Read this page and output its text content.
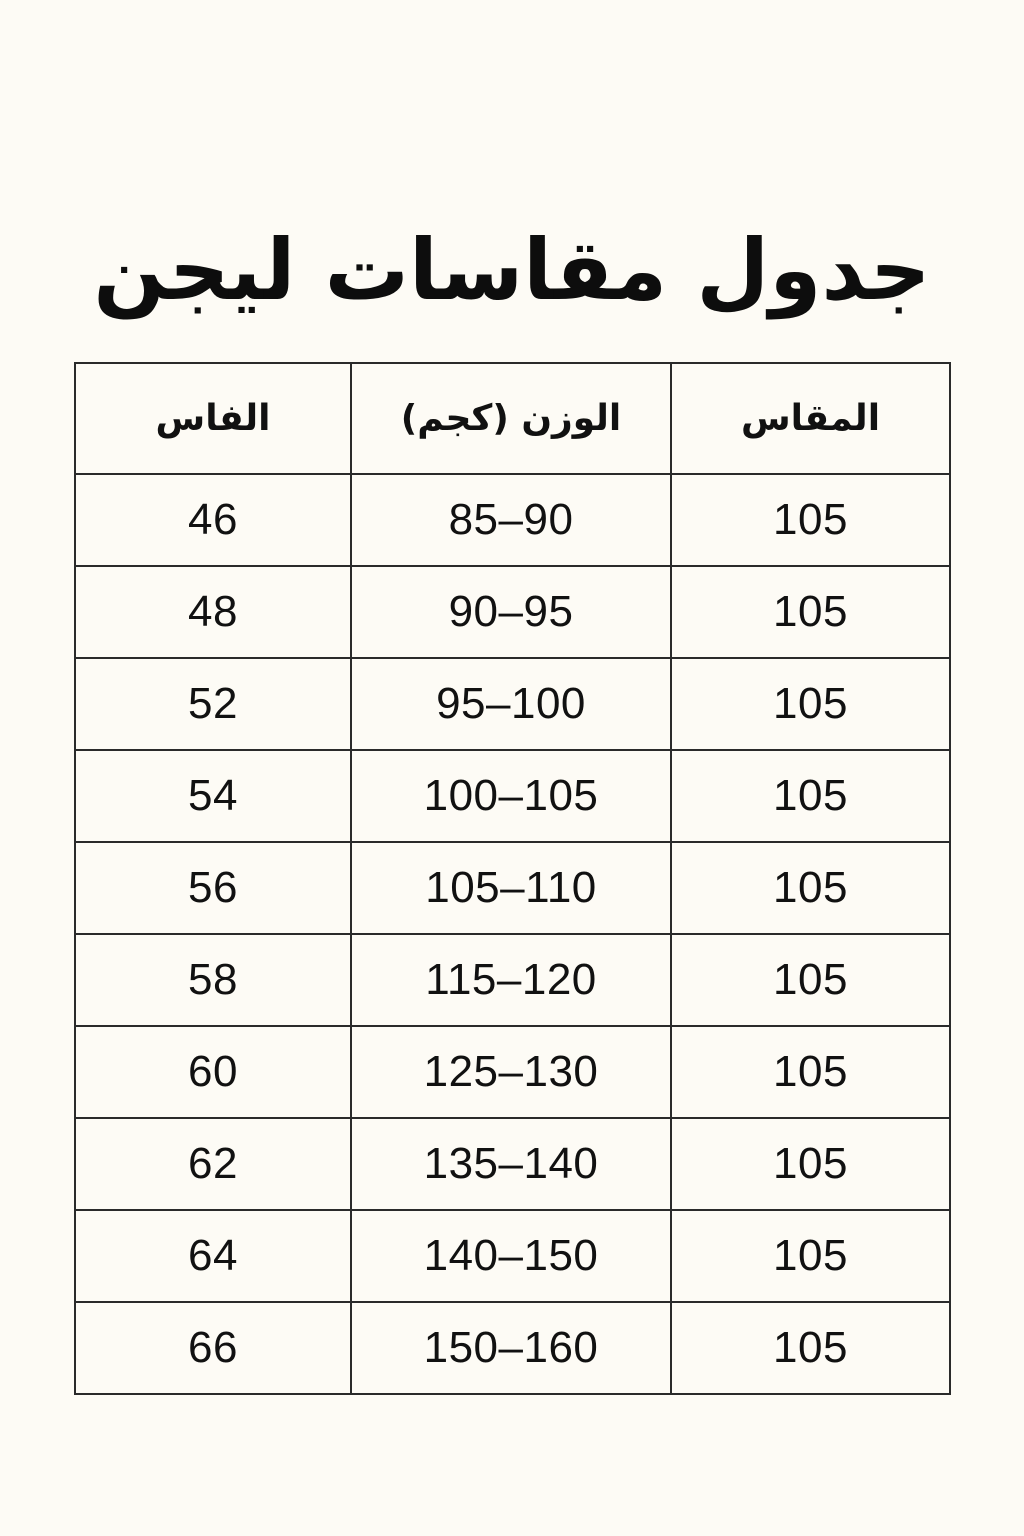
جدول مقاسات ليجن
الفاس	الوزن (كجم)	المقاس
46	85–90	105
48	90–95	105
52	95–100	105
54	100–105	105
56	105–110	105
58	115–120	105
60	125–130	105
62	135–140	105
64	140–150	105
66	150–160	105
